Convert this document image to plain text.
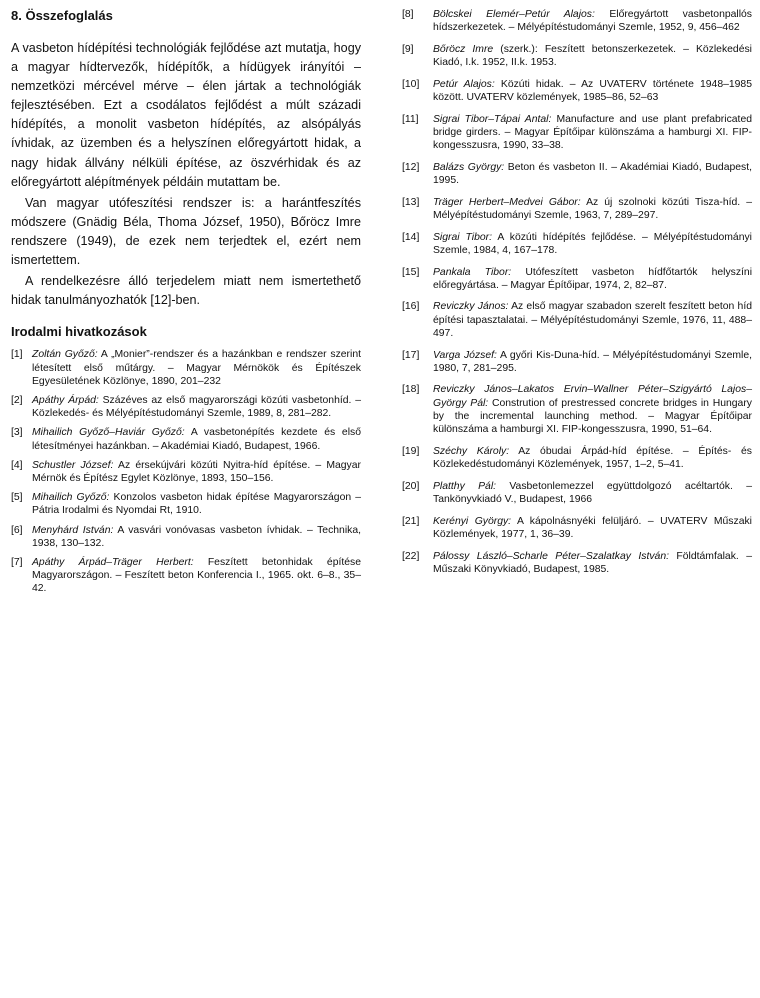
8. Összefoglalás

A vasbeton hídépítési technológiák fejlődése azt mutatja, hogy a magyar hídtervezők, hídépítők, a hídügyek irányítói – nemzetközi mércével mérve – élen jártak a technológiák fejlesztésében. Ezt a csodálatos fejlődést a múlt századi hídépítés, a monolit vasbeton hídépítés, az alsópályás ívhidak, az üzemben és a helyszínen előregyártott hidak, a nagy hidak állvány nélküli építése, az öszvérhidak és az előregyártott alépítmények példáin mutattam be.

Van magyar utófeszítési rendszer is: a harántfeszítés módszere (Gnädig Béla, Thoma József, 1950), Bőröcz Imre rendszere (1949), de ezek nem terjedtek el, ezért nem ismertettem.

A rendelkezésre álló terjedelem miatt nem ismertethető hidak tanulmányozhatók [12]-ben.

Irodalmi hivatkozások
[1] Zoltán Győző: A „Monier”-rendszer és a hazánkban e rendszer szerint létesített első műtárgy. – Magyar Mérnökök és Építészek Egyesületének Közlönye, 1890, 201–232
[2] Apáthy Árpád: Százéves az első magyarországi közúti vasbetonhíd. – Közlekedés- és Mélyépítéstudományi Szemle, 1989, 8, 281–282.
[3] Mihailich Győző–Haviár Győző: A vasbetonépítés kezdete és első létesítményei hazánkban. – Akadémiai Kiadó, Budapest, 1966.
[4] Schustler József: Az érsekújvári közúti Nyitra-híd építése. – Magyar Mérnök és Építész Egylet Közlönye, 1893, 150–156.
[5] Mihailich Győző: Konzolos vasbeton hidak építése Magyarországon – Pátria Irodalmi és Nyomdai Rt, 1910.
[6] Menyhárd István: A vasvári vonóvasas vasbeton ívhidak. – Technika, 1938, 130–132.
[7] Apáthy Árpád–Träger Herbert: Feszített betonhidak építése Magyarországon. – Feszített beton Konferencia I., 1965. okt. 6–8., 35–42.
[8] Bölcskei Elemér–Petúr Alajos: Előregyártott vasbetonpallós hídszerkezetek. – Mélyépítéstudományi Szemle, 1952, 9, 456–462
[9] Bőröcz Imre (szerk.): Feszített betonszerkezetek. – Közlekedési Kiadó, I.k. 1952, II.k. 1953.
[10] Petúr Alajos: Közúti hidak. – Az UVATERV története 1948–1985 között. UVATERV közlemények, 1985–86, 52–63
[11] Sigrai Tibor–Tápai Antal: Manufacture and use plant prefabricated bridge girders. – Magyar Építőipar különszáma a hamburgi XI. FIP-kongesszusra, 1990, 33–38.
[12] Balázs György: Beton és vasbeton II. – Akadémiai Kiadó, Budapest, 1995.
[13] Träger Herbert–Medvei Gábor: Az új szolnoki közúti Tisza-híd. – Mélyépítéstudományi Szemle, 1963, 7, 289–297.
[14] Sigrai Tibor: A közúti hídépítés fejlődése. – Mélyépítéstudományi Szemle, 1984, 4, 167–178.
[15] Pankala Tibor: Utófeszített vasbeton hídfőtartók helyszíni előregyártása. – Magyar Építőipar, 1974, 2, 82–87.
[16] Reviczky János: Az első magyar szabadon szerelt feszített beton híd építési tapasztalatai. – Mélyépítéstudományi Szemle, 1976, 11, 488–497.
[17] Varga József: A győri Kis-Duna-híd. – Mélyépítéstudományi Szemle, 1980, 7, 281–295.
[18] Reviczky János–Lakatos Ervin–Wallner Péter–Szigyártó Lajos–György Pál: Constrution of prestressed concrete bridges in Hungary by the incremental launching method. – Magyar Építőipar különszáma a hamburgi XI. FIP-kongesszusra, 1990, 51–64.
[19] Széchy Károly: Az óbudai Árpád-híd építése. – Építés- és Közlekedéstudományi Közlemények, 1957, 1–2, 5–41.
[20] Platthy Pál: Vasbetonlemezzel együttdolgozó acéltartók. – Tankönyvkiadó V., Budapest, 1966
[21] Kerényi György: A kápolnásnyéki felüljáró. – UVATERV Műszaki Közlemények, 1977, 1, 36–39.
[22] Pálossy László–Scharle Péter–Szalatkay István: Földtámfalak. – Műszaki Könyvkiadó, Budapest, 1985.
